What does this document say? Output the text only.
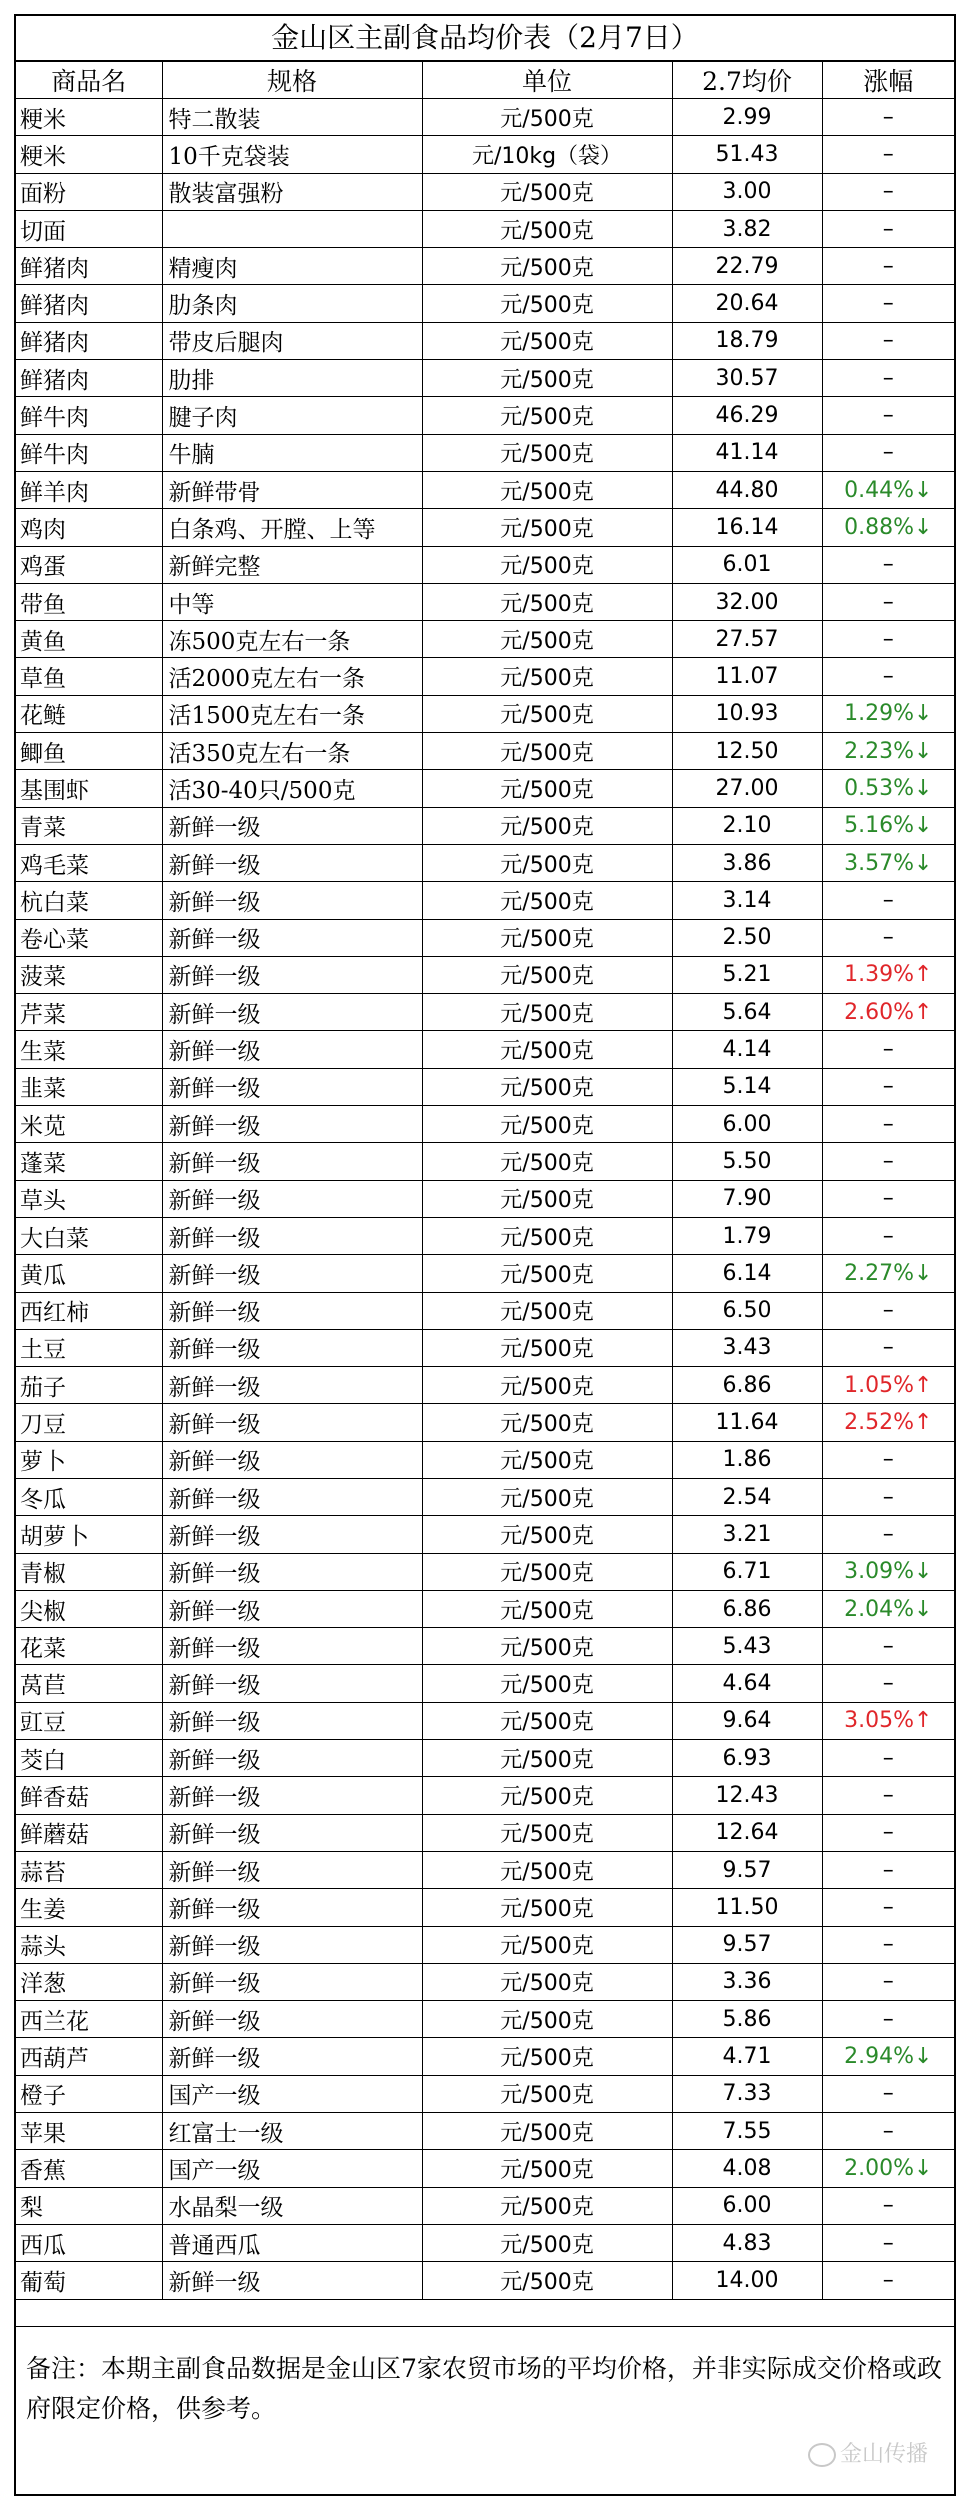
金山区主副食品均价表（2月7日）
商品名	规格	单位	2.7均价	涨幅
粳米	特二散装	元/500克	2.99	–
粳米	10千克袋装	元/10kg（袋）	51.43	–
面粉	散装富强粉	元/500克	3.00	–
切面		元/500克	3.82	–
鲜猪肉	精瘦肉	元/500克	22.79	–
鲜猪肉	肋条肉	元/500克	20.64	–
鲜猪肉	带皮后腿肉	元/500克	18.79	–
鲜猪肉	肋排	元/500克	30.57	–
鲜牛肉	腱子肉	元/500克	46.29	–
鲜牛肉	牛腩	元/500克	41.14	–
鲜羊肉	新鲜带骨	元/500克	44.80	0.44%↓
鸡肉	白条鸡、开膛、上等	元/500克	16.14	0.88%↓
鸡蛋	新鲜完整	元/500克	6.01	–
带鱼	中等	元/500克	32.00	–
黄鱼	冻500克左右一条	元/500克	27.57	–
草鱼	活2000克左右一条	元/500克	11.07	–
花鲢	活1500克左右一条	元/500克	10.93	1.29%↓
鲫鱼	活350克左右一条	元/500克	12.50	2.23%↓
基围虾	活30-40只/500克	元/500克	27.00	0.53%↓
青菜	新鲜一级	元/500克	2.10	5.16%↓
鸡毛菜	新鲜一级	元/500克	3.86	3.57%↓
杭白菜	新鲜一级	元/500克	3.14	–
卷心菜	新鲜一级	元/500克	2.50	–
菠菜	新鲜一级	元/500克	5.21	1.39%↑
芹菜	新鲜一级	元/500克	5.64	2.60%↑
生菜	新鲜一级	元/500克	4.14	–
韭菜	新鲜一级	元/500克	5.14	–
米苋	新鲜一级	元/500克	6.00	–
蓬菜	新鲜一级	元/500克	5.50	–
草头	新鲜一级	元/500克	7.90	–
大白菜	新鲜一级	元/500克	1.79	–
黄瓜	新鲜一级	元/500克	6.14	2.27%↓
西红柿	新鲜一级	元/500克	6.50	–
土豆	新鲜一级	元/500克	3.43	–
茄子	新鲜一级	元/500克	6.86	1.05%↑
刀豆	新鲜一级	元/500克	11.64	2.52%↑
萝卜	新鲜一级	元/500克	1.86	–
冬瓜	新鲜一级	元/500克	2.54	–
胡萝卜	新鲜一级	元/500克	3.21	–
青椒	新鲜一级	元/500克	6.71	3.09%↓
尖椒	新鲜一级	元/500克	6.86	2.04%↓
花菜	新鲜一级	元/500克	5.43	–
莴苣	新鲜一级	元/500克	4.64	–
豇豆	新鲜一级	元/500克	9.64	3.05%↑
茭白	新鲜一级	元/500克	6.93	–
鲜香菇	新鲜一级	元/500克	12.43	–
鲜蘑菇	新鲜一级	元/500克	12.64	–
蒜苔	新鲜一级	元/500克	9.57	–
生姜	新鲜一级	元/500克	11.50	–
蒜头	新鲜一级	元/500克	9.57	–
洋葱	新鲜一级	元/500克	3.36	–
西兰花	新鲜一级	元/500克	5.86	–
西葫芦	新鲜一级	元/500克	4.71	2.94%↓
橙子	国产一级	元/500克	7.33	–
苹果	红富士一级	元/500克	7.55	–
香蕉	国产一级	元/500克	4.08	2.00%↓
梨	水晶梨一级	元/500克	6.00	–
西瓜	普通西瓜	元/500克	4.83	–
葡萄	新鲜一级	元/500克	14.00	–
备注：本期主副食品数据是金山区7家农贸市场的平均价格，并非实际成交价格或政府限定价格，供参考。
金山传播
